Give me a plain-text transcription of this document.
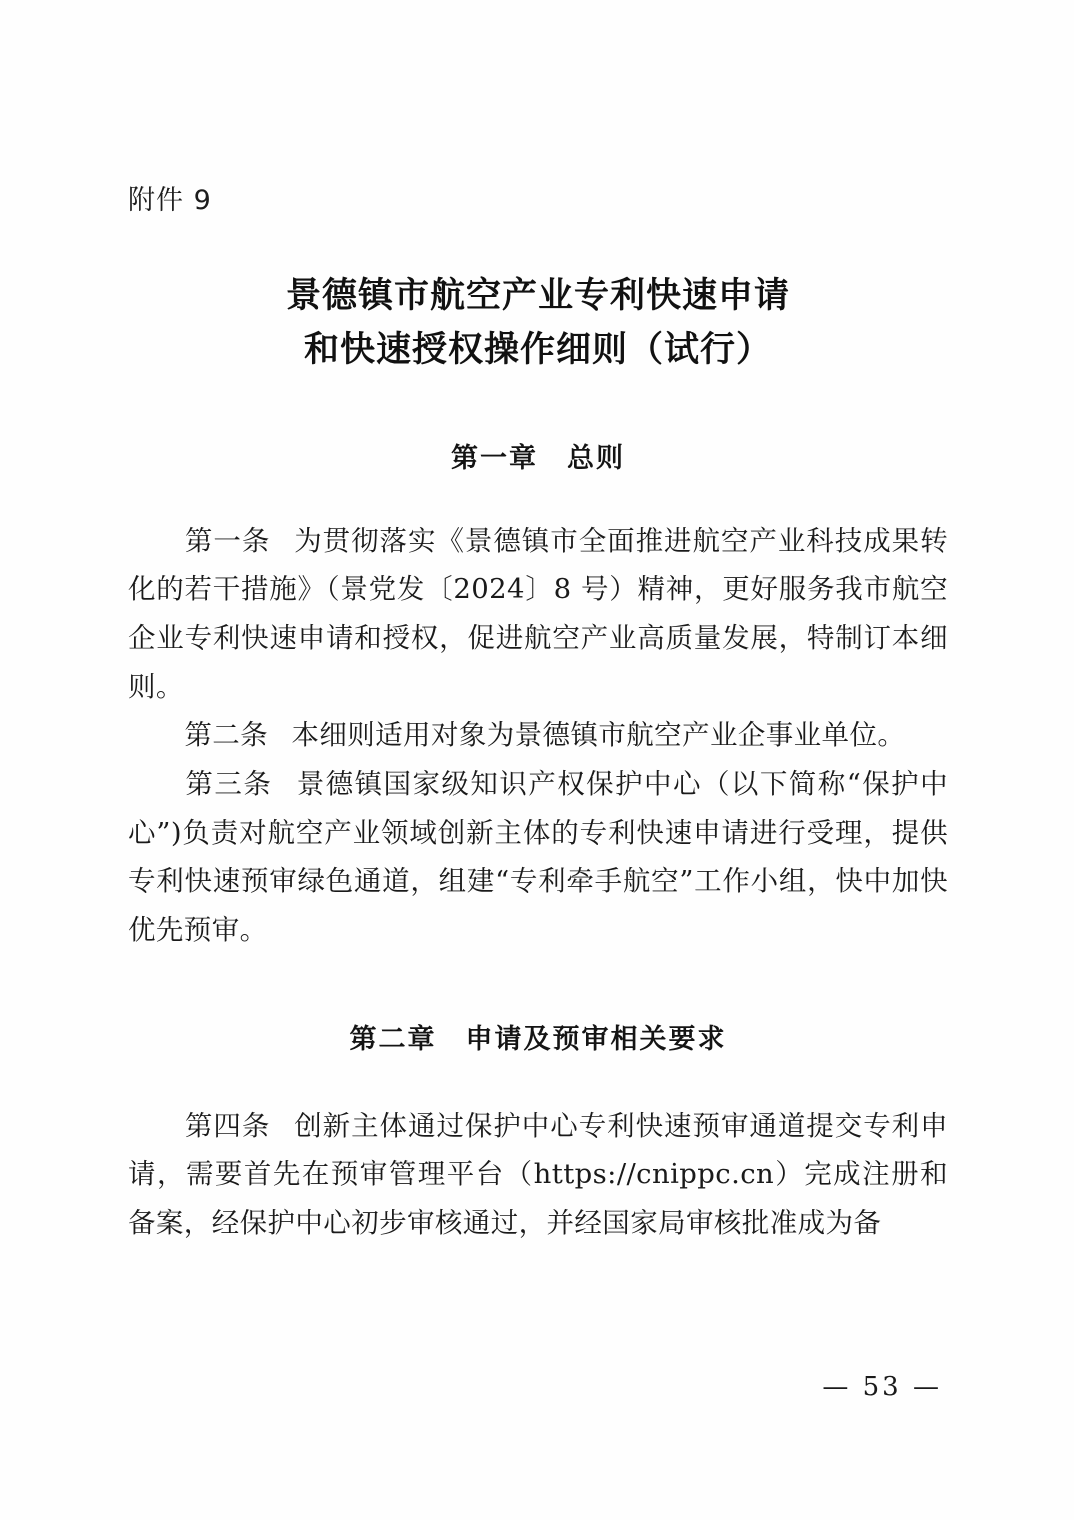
附件 9
景德镇市航空产业专利快速申请
和快速授权操作细则（试行）
第一章　总则
第一条 为贯彻落实《景德镇市全面推进航空产业科技成果转化的若干措施》（景党发〔2024〕8 号）精神，更好服务我市航空企业专利快速申请和授权，促进航空产业高质量发展，特制订本细则。
第二条 本细则适用对象为景德镇市航空产业企事业单位。
第三条 景德镇国家级知识产权保护中心（以下简称“保护中心”)负责对航空产业领域创新主体的专利快速申请进行受理，提供专利快速预审绿色通道，组建“专利牵手航空”工作小组，快中加快优先预审。
第二章　申请及预审相关要求
第四条 创新主体通过保护中心专利快速预审通道提交专利申请，需要首先在预审管理平台（https://cnippc.cn）完成注册和备案，经保护中心初步审核通过，并经国家局审核批准成为备
— 53 —
